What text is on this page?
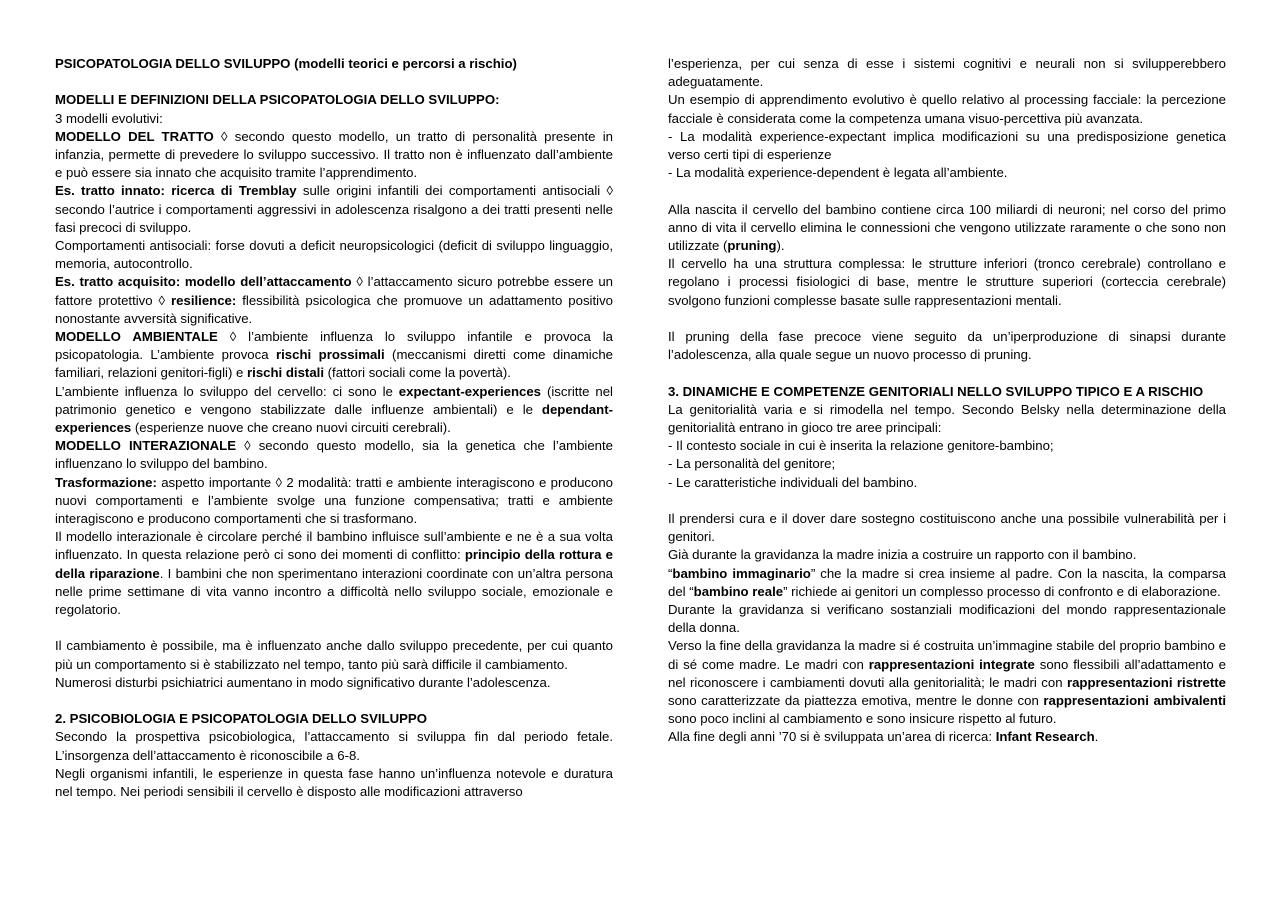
PSICOPATOLOGIA DELLO SVILUPPO (modelli teorici e percorsi a rischio)

MODELLI E DEFINIZIONI DELLA PSICOPATOLOGIA DELLO SVILUPPO:

3 modelli evolutivi:

MODELLO DEL TRATTO ◊ secondo questo modello, un tratto di personalità presente in infanzia, permette di prevedere lo sviluppo successivo. Il tratto non è influenzato dall’ambiente e può essere sia innato che acquisito tramite l’apprendimento.

Es. tratto innato: ricerca di Tremblay sulle origini infantili dei comportamenti antisociali ◊ secondo l’autrice i comportamenti aggressivi in adolescenza risalgono a dei tratti presenti nelle fasi precoci di sviluppo.

Comportamenti antisociali: forse dovuti a deficit neuropsicologici (deficit di sviluppo linguaggio, memoria, autocontrollo.

Es. tratto acquisito: modello dell’attaccamento ◊ l’attaccamento sicuro potrebbe essere un fattore protettivo ◊ resilience: flessibilità psicologica che promuove un adattamento positivo nonostante avversità significative.

MODELLO AMBIENTALE ◊ l’ambiente influenza lo sviluppo infantile e provoca la psicopatologia. L’ambiente provoca rischi prossimali (meccanismi diretti come dinamiche familiari, relazioni genitori-figli) e rischi distali (fattori sociali come la povertà).

L’ambiente influenza lo sviluppo del cervello: ci sono le expectant-experiences (iscritte nel patrimonio genetico e vengono stabilizzate dalle influenze ambientali) e le dependant-experiences (esperienze nuove che creano nuovi circuiti cerebrali).

MODELLO INTERAZIONALE ◊ secondo questo modello, sia la genetica che l’ambiente influenzano lo sviluppo del bambino.

Trasformazione: aspetto importante ◊ 2 modalità: tratti e ambiente interagiscono e producono nuovi comportamenti e l’ambiente svolge una funzione compensativa; tratti e ambiente interagiscono e producono comportamenti che si trasformano.

Il modello interazionale è circolare perché il bambino influisce sull’ambiente e ne è a sua volta influenzato. In questa relazione però ci sono dei momenti di conflitto: principio della rottura e della riparazione. I bambini che non sperimentano interazioni coordinate con un’altra persona nelle prime settimane di vita vanno incontro a difficoltà nello sviluppo sociale, emozionale e regolatorio.

Il cambiamento è possibile, ma è influenzato anche dallo sviluppo precedente, per cui quanto più un comportamento si è stabilizzato nel tempo, tanto più sarà difficile il cambiamento.

Numerosi disturbi psichiatrici aumentano in modo significativo durante l’adolescenza.

2. PSICOBIOLOGIA E PSICOPATOLOGIA DELLO SVILUPPO

Secondo la prospettiva psicobiologica, l’attaccamento si sviluppa fin dal periodo fetale. L’insorgenza dell’attaccamento è riconoscibile a 6-8.

Negli organismi infantili, le esperienze in questa fase hanno un’influenza notevole e duratura nel tempo. Nei periodi sensibili il cervello è disposto alle modificazioni attraverso

l’esperienza, per cui senza di esse i sistemi cognitivi e neurali non si svilupperebbero adeguatamente.

Un esempio di apprendimento evolutivo è quello relativo al processing facciale: la percezione facciale è considerata come la competenza umana visuo-percettiva più avanzata.

- La modalità experience-expectant implica modificazioni su una predisposizione genetica verso certi tipi di esperienze

- La modalità experience-dependent è legata all’ambiente.

Alla nascita il cervello del bambino contiene circa 100 miliardi di neuroni; nel corso del primo anno di vita il cervello elimina le connessioni che vengono utilizzate raramente o che sono non utilizzate (pruning).

Il cervello ha una struttura complessa: le strutture inferiori (tronco cerebrale) controllano e regolano i processi fisiologici di base, mentre le strutture superiori (corteccia cerebrale) svolgono funzioni complesse basate sulle rappresentazioni mentali.

Il pruning della fase precoce viene seguito da un’iperproduzione di sinapsi durante l’adolescenza, alla quale segue un nuovo processo di pruning.

3. DINAMICHE E COMPETENZE GENITORIALI NELLO SVILUPPO TIPICO E A RISCHIO

La genitorialità varia e si rimodella nel tempo. Secondo Belsky nella determinazione della genitorialità entrano in gioco tre aree principali:

- Il contesto sociale in cui è inserita la relazione genitore-bambino;

- La personalità del genitore;

- Le caratteristiche individuali del bambino.

Il prendersi cura e il dover dare sostegno costituiscono anche una possibile vulnerabilità per i genitori.

Già durante la gravidanza la madre inizia a costruire un rapporto con il bambino.

“bambino immaginario” che la madre si crea insieme al padre. Con la nascita, la comparsa del “bambino reale” richiede ai genitori un complesso processo di confronto e di elaborazione.

Durante la gravidanza si verificano sostanziali modificazioni del mondo rappresentazionale della donna.

Verso la fine della gravidanza la madre si é costruita un’immagine stabile del proprio bambino e di sé come madre. Le madri con rappresentazioni integrate sono flessibili all’adattamento e nel riconoscere i cambiamenti dovuti alla genitorialità; le madri con rappresentazioni ristrette sono caratterizzate da piattezza emotiva, mentre le donne con rappresentazioni ambivalenti sono poco inclini al cambiamento e sono insicure rispetto al futuro.

Alla fine degli anni ’70 si è sviluppata un’area di ricerca: Infant Research.
